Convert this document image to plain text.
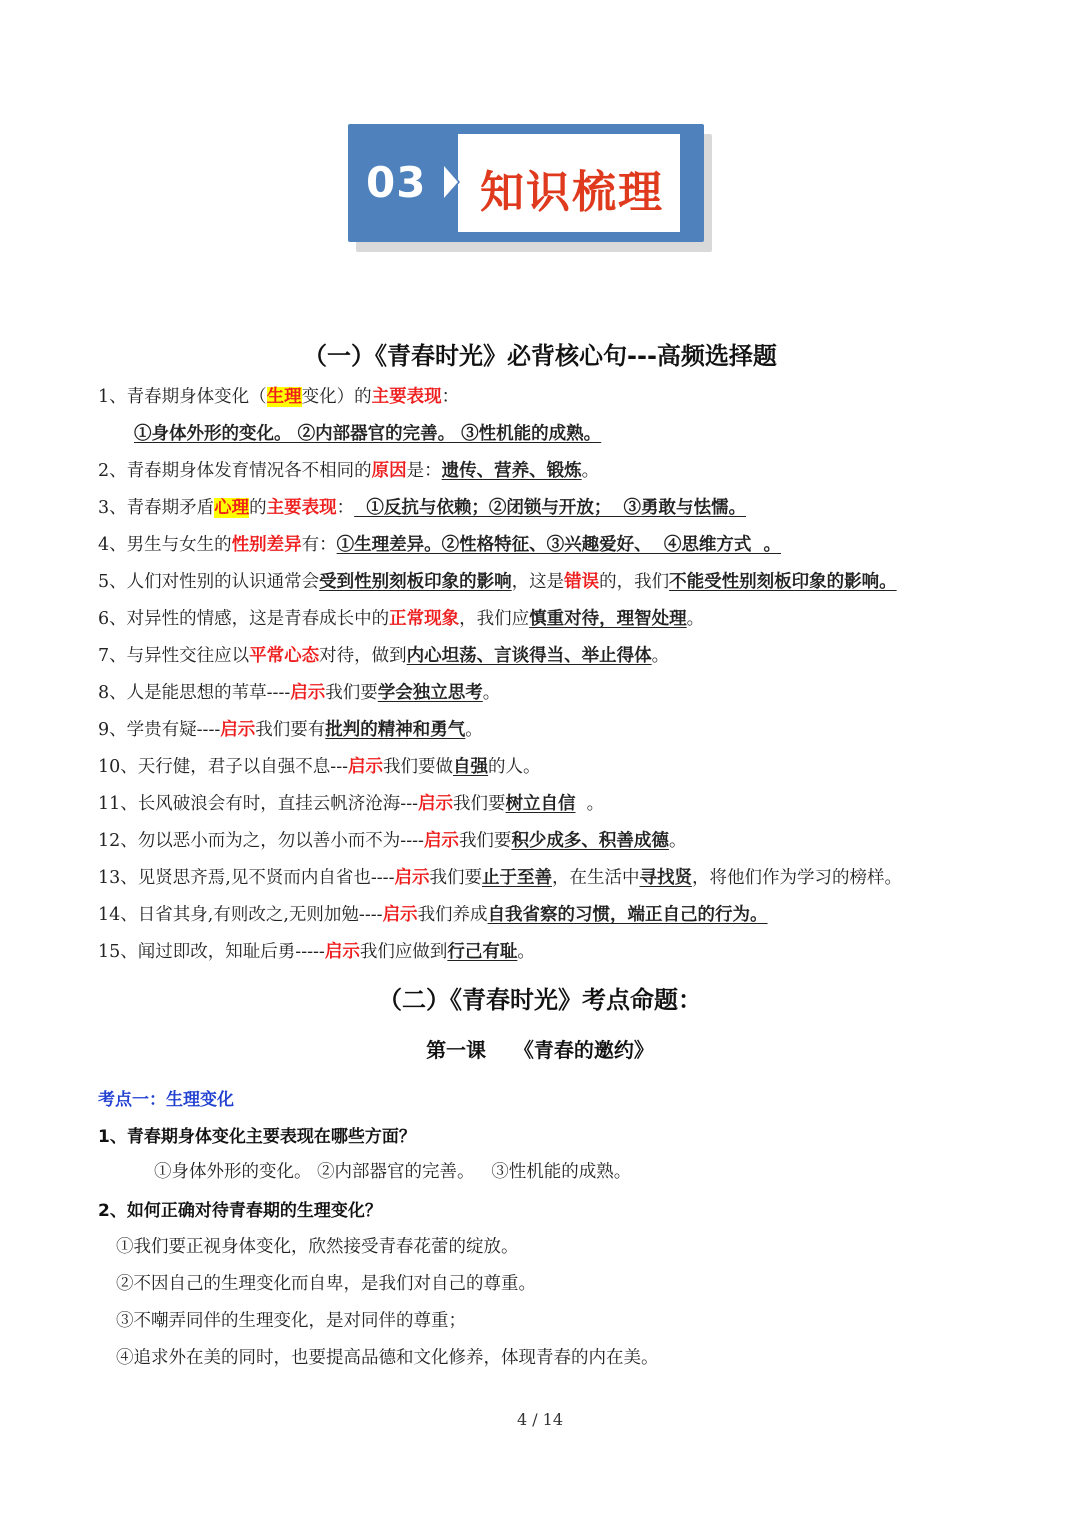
03 知识梳理
（一）《青春时光》必背核心句---高频选择题
1、青春期身体变化（生理变化）的主要表现：
①身体外形的变化。 ②内部器官的完善。 ③性机能的成熟。
2、青春期身体发育情况各不相同的原因是：遗传、营养、锻炼。
3、青春期矛盾心理的主要表现：  ①反抗与依赖；②闭锁与开放；  ③勇敢与怯懦。
4、男生与女生的性别差异有：①生理差异。②性格特征、③兴趣爱好、  ④思维方式  。
5、人们对性别的认识通常会受到性别刻板印象的影响，这是错误的，我们不能受性别刻板印象的影响。
6、对异性的情感，这是青春成长中的正常现象，我们应慎重对待，理智处理。
7、与异性交往应以平常心态对待，做到内心坦荡、言谈得当、举止得体。
8、人是能思想的苇草----启示我们要学会独立思考。
9、学贵有疑----启示我们要有批判的精神和勇气。
10、天行健，君子以自强不息---启示我们要做自强的人。
11、长风破浪会有时，直挂云帆济沧海---启示我们要树立自信  。
12、勿以恶小而为之，勿以善小而不为----启示我们要积少成多、积善成德。
13、见贤思齐焉,见不贤而内自省也----启示我们要止于至善，在生活中寻找贤，将他们作为学习的榜样。
14、日省其身,有则改之,无则加勉----启示我们养成自我省察的习惯，端正自己的行为。
15、闻过即改，知耻后勇-----启示我们应做到行己有耻。
（二）《青春时光》考点命题：
第一课    《青春的邀约》
考点一：生理变化
1、青春期身体变化主要表现在哪些方面？
①身体外形的变化。 ②内部器官的完善。   ③性机能的成熟。
2、如何正确对待青春期的生理变化？
①我们要正视身体变化，欣然接受青春花蕾的绽放。
②不因自己的生理变化而自卑，是我们对自己的尊重。
③不嘲弄同伴的生理变化，是对同伴的尊重；
④追求外在美的同时，也要提高品德和文化修养，体现青春的内在美。
4 / 14
